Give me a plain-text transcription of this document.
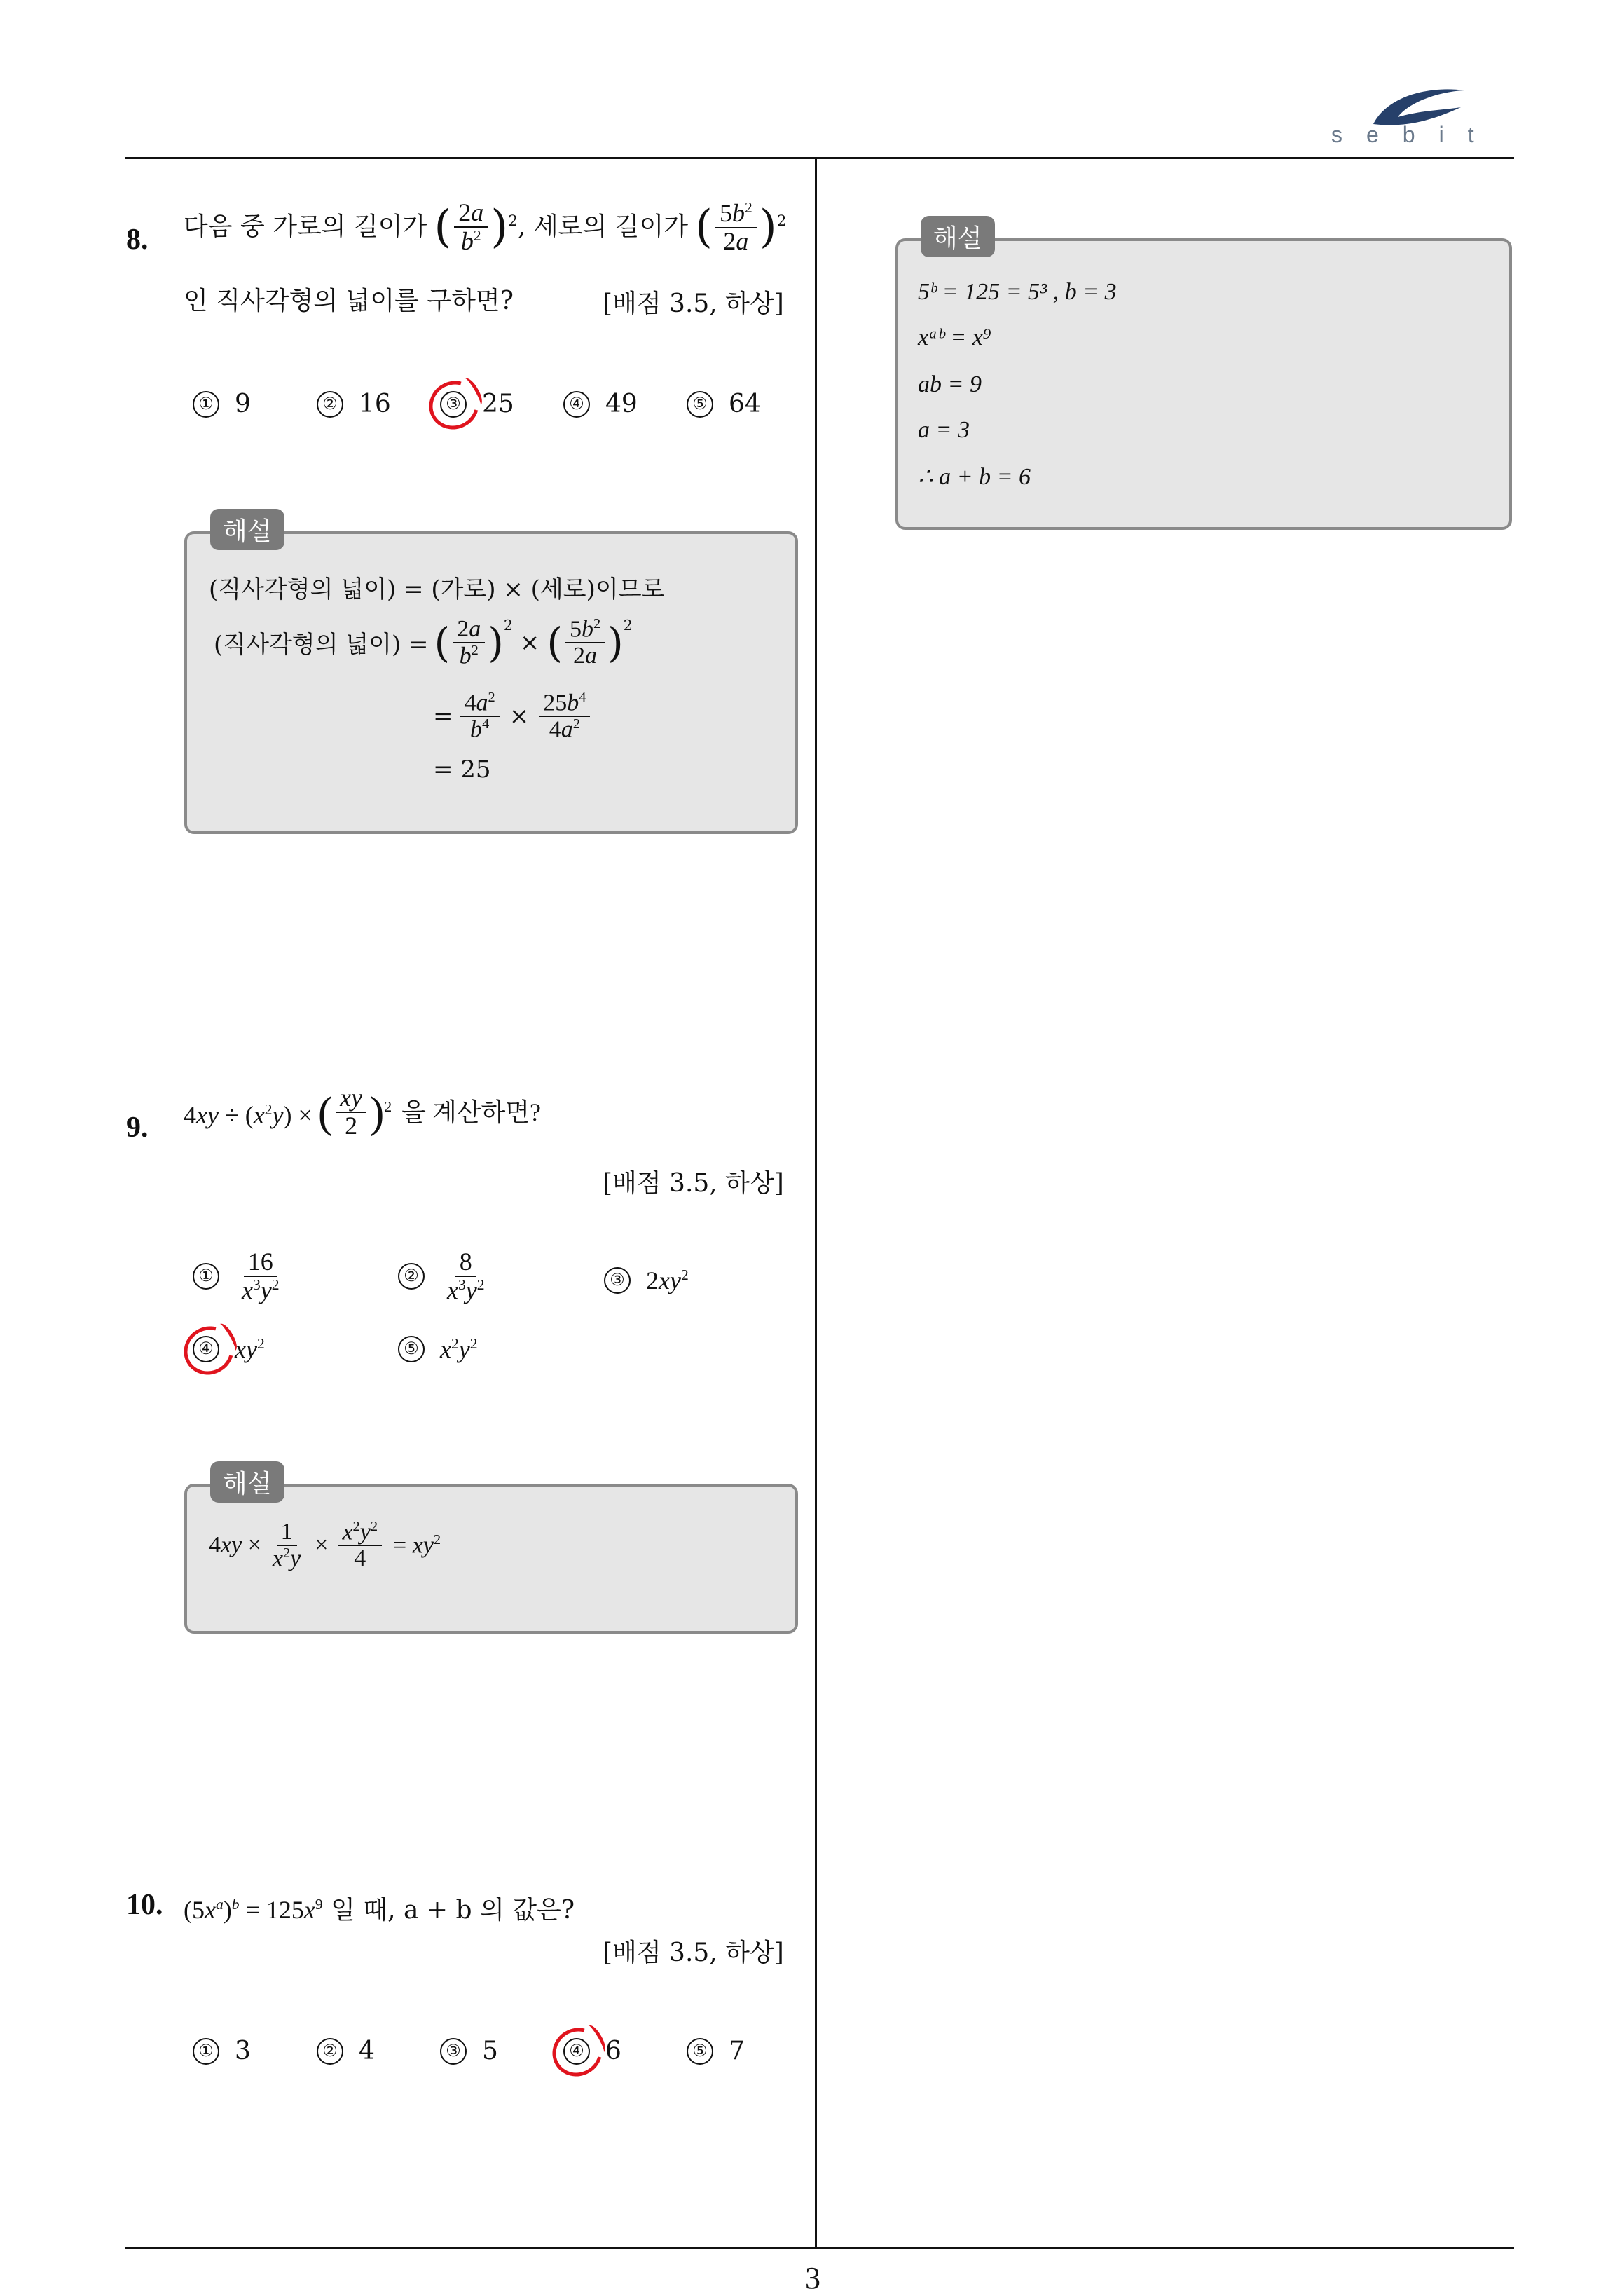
sebit
8. 다음 중 가로의 길이가 ( $\frac{2a}{b^2} )^2$ , 세로의 길이가 ( $\frac{5b^2}{2a} )^2$
인 직사각형의 넓이를 구하면?	[배점 3.5, 하상]
① 9	② 16	③ 25	④ 49	⑤ 64
해설
(직사각형의 넓이) = (가로) × (세로)이므로
(직사각형의 넓이) = ( $\frac{2a}{b^2} )^2$
× ( $\frac{5b^2}{2a} )^2$
= $\frac{4a^2}{b^4} \times \frac{25b^4}{4a^2}$
= 25
9. $4xy \div (x^2y)$ × ( $\frac{xy}{2} )^2$ 을 계산하면?
[배점 3.5, 하상]
① $\frac{16}{x^3y^2}$	② $\frac{8}{x^3y^2}$	③ $2xy^2$
④ $xy^2$	⑤ $x^2y^2$
해설
$4xy \times \frac{1}{x^2y} \times \frac{x^2y^2}{4} = xy^2$
10. $(5x^a)^b = 125x^9$ 일 때, a + b 의 값은?
[배점 3.5, 하상]
① 3	② 4	③ 5	④ 6	⑤ 7
해설
5ᵇ = 125 = 5³ , b = 3
xᵃᵇ = x⁹
ab = 9
a = 3
∴ a + b = 6
3
